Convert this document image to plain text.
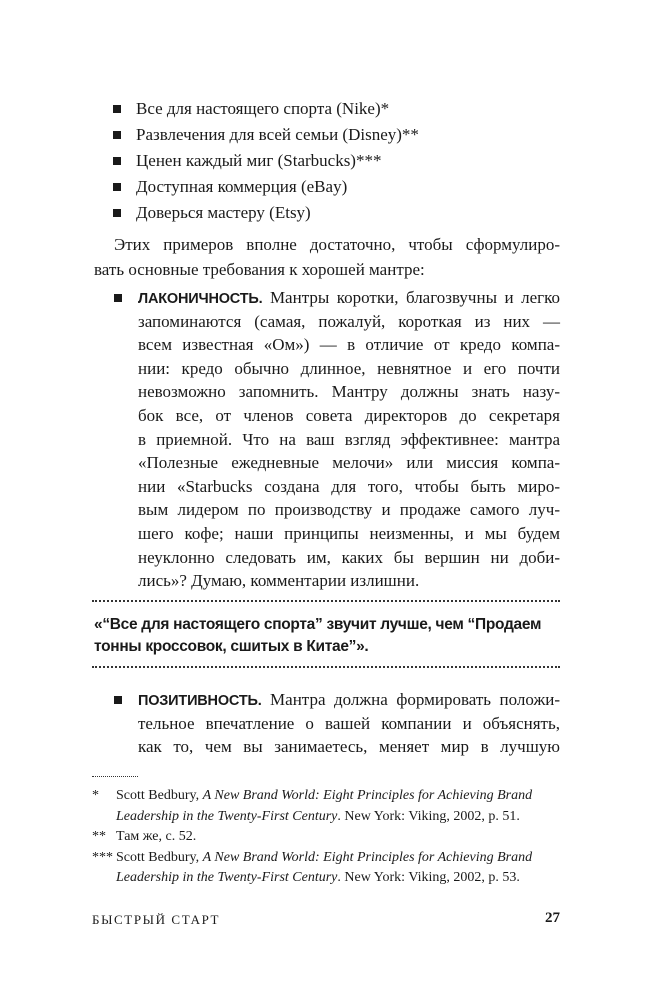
Все для настоящего спорта (Nike)*
Развлечения для всей семьи (Disney)**
Ценен каждый миг (Starbucks)***
Доступная коммерция (eBay)
Доверься мастеру (Etsy)
Этих примеров вполне достаточно, чтобы сформулиро-
вать основные требования к хорошей мантре:
ЛАКОНИЧНОСТЬ. Мантры коротки, благозвучны и легко
запоминаются (самая, пожалуй, короткая из них —
всем известная «Ом») — в отличие от кредо компа-
нии: кредо обычно длинное, невнятное и его почти
невозможно запомнить. Мантру должны знать назу-
бок все, от членов совета директоров до секретаря
в приемной. Что на ваш взгляд эффективнее: мантра
«Полезные ежедневные мелочи» или миссия компа-
нии «Starbucks создана для того, чтобы быть миро-
вым лидером по производству и продаже самого луч-
шего кофе; наши принципы неизменны, и мы будем
неуклонно следовать им, каких бы вершин ни доби-
лись»? Думаю, комментарии излишни.
«“Все для настоящего спорта” звучит лучше, чем “Продаем
тонны кроссовок, сшитых в Китае”».
ПОЗИТИВНОСТЬ. Мантра должна формировать положи-
тельное впечатление о вашей компании и объяснять,
как то, чем вы занимаетесь, меняет мир в лучшую
* Scott Bedbury, A New Brand World: Eight Principles for Achieving Brand
Leadership in the Twenty-First Century. New York: Viking, 2002, p. 51.
** Там же, с. 52.
*** Scott Bedbury, A New Brand World: Eight Principles for Achieving Brand
Leadership in the Twenty-First Century. New York: Viking, 2002, p. 53.
БЫСТРЫЙ СТАРТ	27
